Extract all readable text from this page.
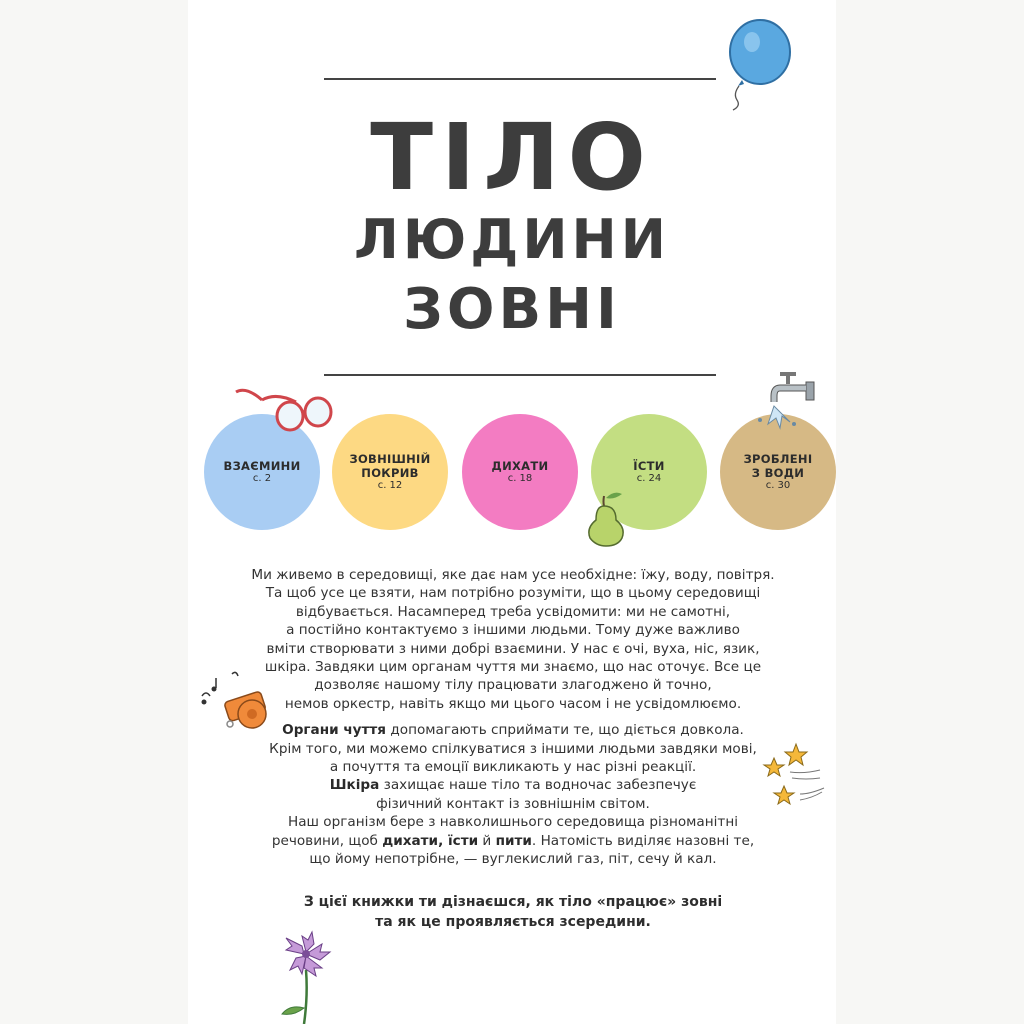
ТІЛО
ЛЮДИНИ
ЗОВНІ
ВЗАЄМИНИ
с. 2
ЗОВНІШНІЙ
ПОКРИВ
с. 12
ДИХАТИ
с. 18
ЇСТИ
с. 24
ЗРОБЛЕНІ
З ВОДИ
с. 30

Ми живемо в середовищі, яке дає нам усе необхідне: їжу, воду, повітря.

Та щоб усе це взяти, нам потрібно розуміти, що в цьому середовищі

відбувається. Насамперед треба усвідомити: ми не самотні,

а постійно контактуємо з іншими людьми. Тому дуже важливо

вміти створювати з ними добрі взаємини. У нас є очі, вуха, ніс, язик,

шкіра. Завдяки цим органам чуття ми знаємо, що нас оточує. Все це

дозволяє нашому тілу працювати злагоджено й точно,

немов оркестр, навіть якщо ми цього часом і не усвідомлюємо.

Органи чуття допомагають сприймати те, що діється довкола.

Крім того, ми можемо спілкуватися з іншими людьми завдяки мові,

а почуття та емоції викликають у нас різні реакції.

Шкіра захищає наше тіло та водночас забезпечує

фізичний контакт із зовнішнім світом.

Наш організм бере з навколишнього середовища різноманітні

речовини, щоб дихати, їсти й пити. Натомість виділяє назовні те,

що йому непотрібне, — вуглекислий газ, піт, сечу й кал.

З цієї книжки ти дізнаєшся, як тіло «працює» зовні
та як це проявляється зсередини.
